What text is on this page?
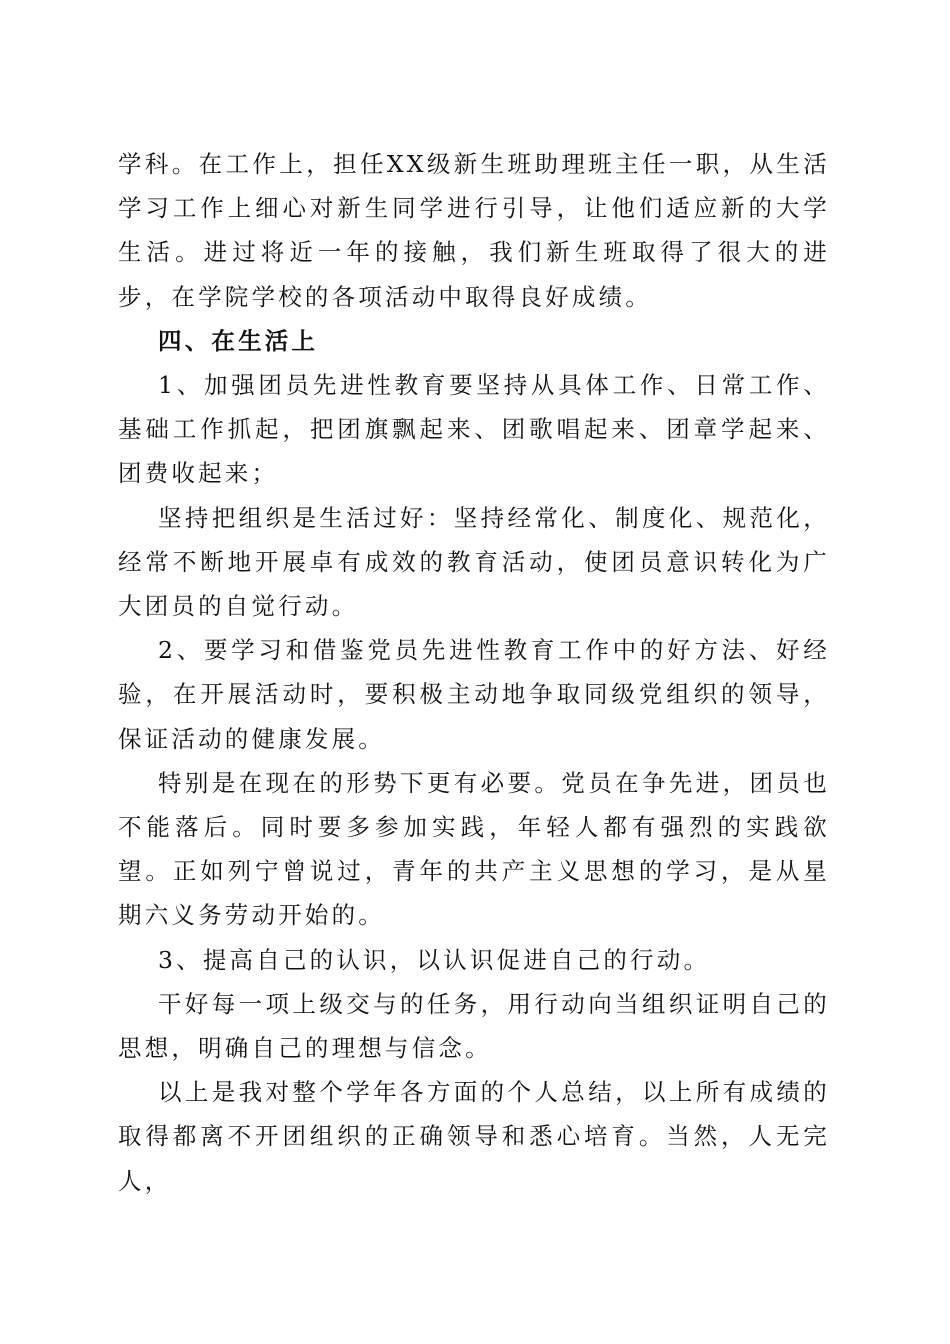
学科。在工作上，担任XX级新生班助理班主任一职，从生活学习工作上细心对新生同学进行引导，让他们适应新的大学生活。进过将近一年的接触，我们新生班取得了很大的进步，在学院学校的各项活动中取得良好成绩。

四、在生活上

1、加强团员先进性教育要坚持从具体工作、日常工作、基础工作抓起，把团旗飘起来、团歌唱起来、团章学起来、团费收起来；

坚持把组织是生活过好：坚持经常化、制度化、规范化，经常不断地开展卓有成效的教育活动，使团员意识转化为广大团员的自觉行动。

2、要学习和借鉴党员先进性教育工作中的好方法、好经验，在开展活动时，要积极主动地争取同级党组织的领导，保证活动的健康发展。

特别是在现在的形势下更有必要。党员在争先进，团员也不能落后。同时要多参加实践，年轻人都有强烈的实践欲望。正如列宁曾说过，青年的共产主义思想的学习，是从星期六义务劳动开始的。

3、提高自己的认识，以认识促进自己的行动。

干好每一项上级交与的任务，用行动向当组织证明自己的思想，明确自己的理想与信念。

以上是我对整个学年各方面的个人总结，以上所有成绩的取得都离不开团组织的正确领导和悉心培育。当然，人无完人，
